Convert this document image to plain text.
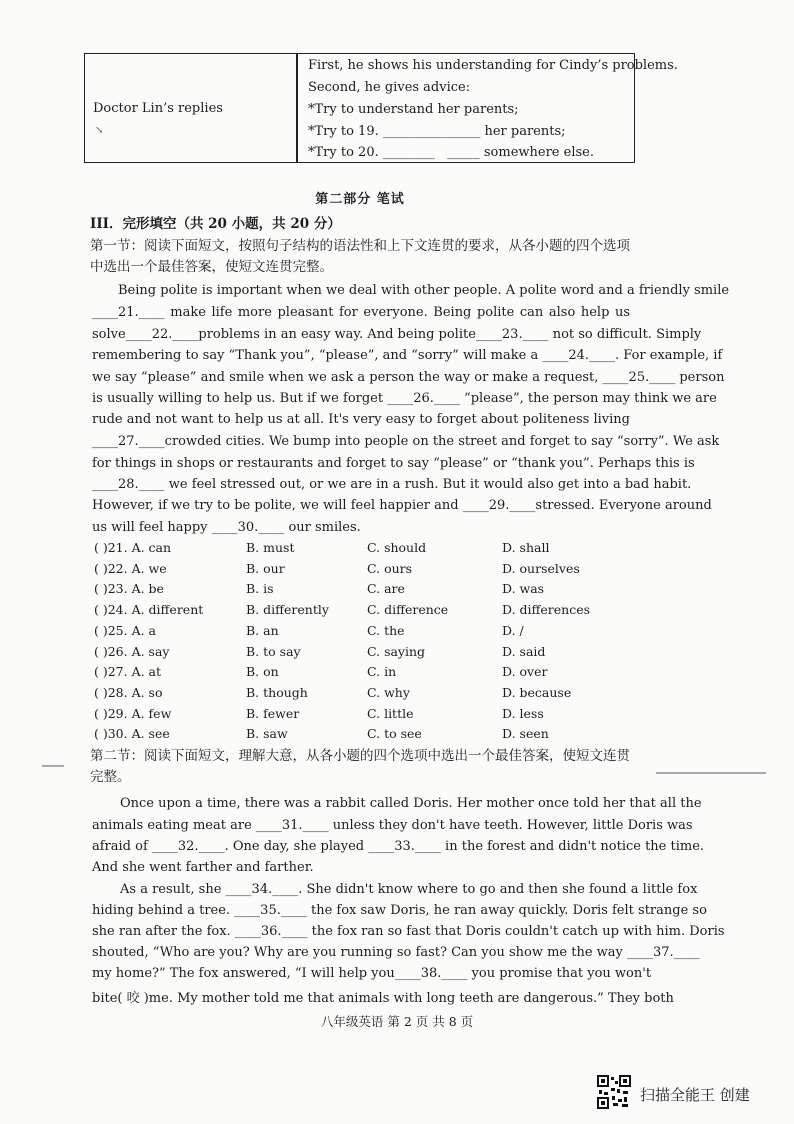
Doctor Lin’s replies
↘
First, he shows his understanding for Cindy’s problems.
Second, he gives advice:
*Try to understand her parents;
*Try to 19. _______________ her parents;
*Try to 20. ________   _____ somewhere else.
第二部分 笔试
III．完形填空（共 20 小题，共 20 分）
第一节：阅读下面短文，按照句子结构的语法性和上下文连贯的要求，从各小题的四个选项中选出一个最佳答案，使短文连贯完整。
Being polite is important when we deal with other people. A polite word and a friendly smile
____21.____ make life more pleasant for everyone. Being polite can also help us
solve____22.____problems in an easy way. And being polite____23.____ not so difficult. Simply
remembering to say “Thank you”, “please”, and “sorry” will make a ____24.____. For example, if
we say “please” and smile when we ask a person the way or make a request, ____25.____ person
is usually willing to help us. But if we forget ____26.____ “please”, the person may think we are
rude and not want to help us at all. It's very easy to forget about politeness living
____27.____crowded cities. We bump into people on the street and forget to say “sorry”. We ask
for things in shops or restaurants and forget to say “please” or “thank you”. Perhaps this is
____28.____ we feel stressed out, or we are in a rush. But it would also get into a bad habit.
However, if we try to be polite, we will feel happier and ____29.____stressed. Everyone around
us will feel happy ____30.____ our smiles.
( )21. A. can	B. must	C. should	D. shall
( )22. A. we	B. our	C. ours	D. ourselves
( )23. A. be	B. is	C. are	D. was
( )24. A. different	B. differently	C. difference	D. differences
( )25. A. a	B. an	C. the	D. /
( )26. A. say	B. to say	C. saying	D. said
( )27. A. at	B. on	C. in	D. over
( )28. A. so	B. though	C. why	D. because
( )29. A. few	B. fewer	C. little	D. less
( )30. A. see	B. saw	C. to see	D. seen
第二节：阅读下面短文，理解大意，从各小题的四个选项中选出一个最佳答案，使短文连贯完整。
Once upon a time, there was a rabbit called Doris. Her mother once told her that all the
animals eating meat are ____31.____ unless they don't have teeth. However, little Doris was
afraid of ____32.____. One day, she played ____33.____ in the forest and didn't notice the time.
And she went farther and farther.
As a result, she ____34.____. She didn't know where to go and then she found a little fox
hiding behind a tree. ____35.____ the fox saw Doris, he ran away quickly. Doris felt strange so
she ran after the fox. ____36.____ the fox ran so fast that Doris couldn't catch up with him. Doris
shouted, “Who are you? Why are you running so fast? Can you show me the way ____37.____
my home?” The fox answered, “I will help you____38.____ you promise that you won't
bite( 咬 )me. My mother told me that animals with long teeth are dangerous.” They both
八年级英语 第 2 页 共 8 页
扫描全能王 创建
